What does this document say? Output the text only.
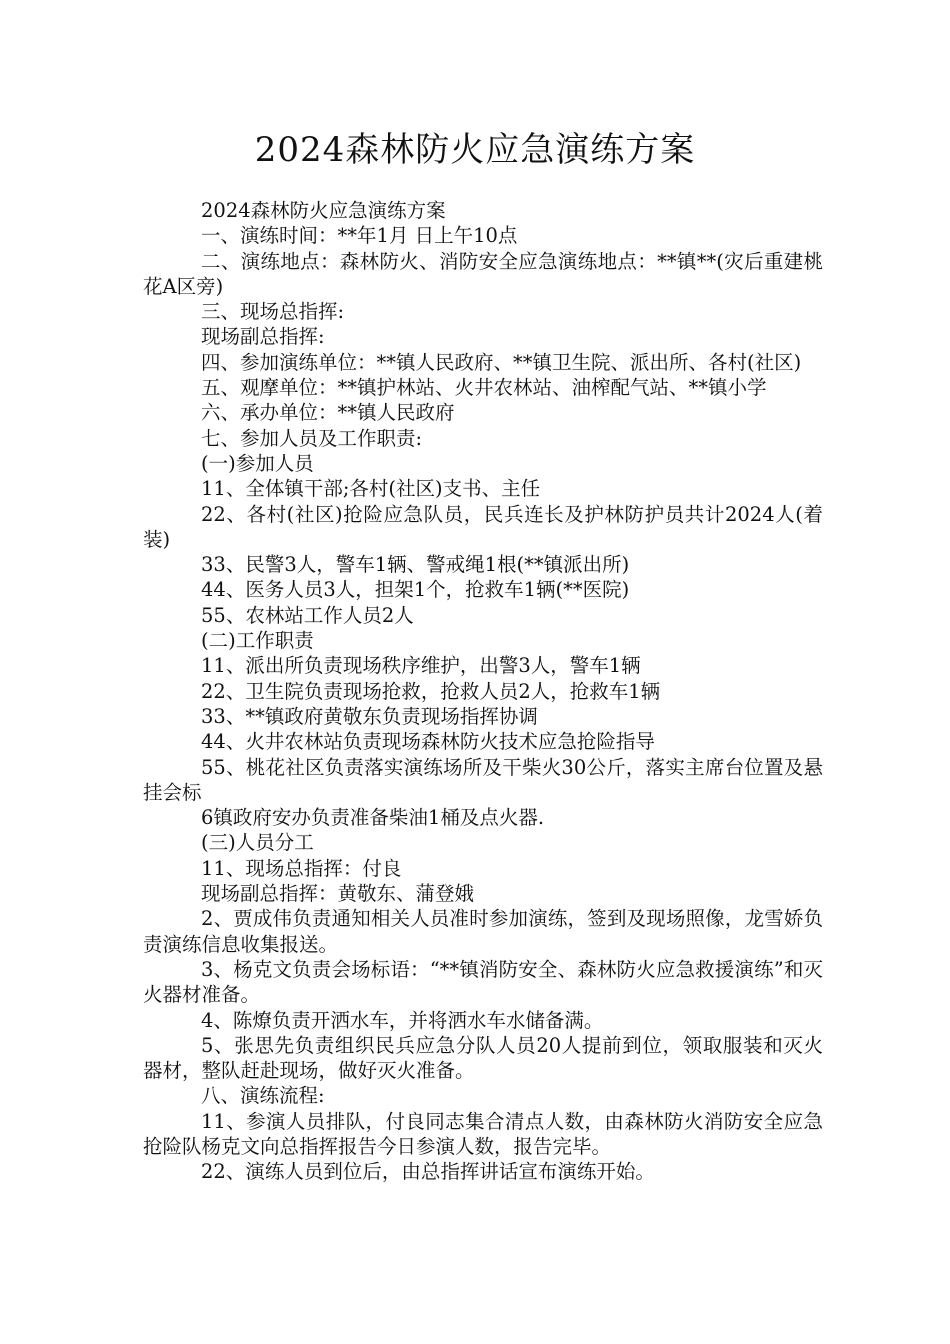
2024森林防火应急演练方案

2024森林防火应急演练方案

一、演练时间：**年1月 日上午10点

二、演练地点：森林防火、消防安全应急演练地点：**镇**(灾后重建桃花A区旁)

三、现场总指挥:

现场副总指挥:

四、参加演练单位：**镇人民政府、**镇卫生院、派出所、各村(社区)

五、观摩单位：**镇护林站、火井农林站、油榨配气站、**镇小学

六、承办单位：**镇人民政府

七、参加人员及工作职责:

(一)参加人员

11、全体镇干部;各村(社区)支书、主任

22、各村(社区)抢险应急队员，民兵连长及护林防护员共计2024人(着装)

33、民警3人，警车1辆、警戒绳1根(**镇派出所)

44、医务人员3人，担架1个，抢救车1辆(**医院)

55、农林站工作人员2人

(二)工作职责

11、派出所负责现场秩序维护，出警3人，警车1辆

22、卫生院负责现场抢救，抢救人员2人，抢救车1辆

33、**镇政府黄敬东负责现场指挥协调

44、火井农林站负责现场森林防火技术应急抢险指导

55、桃花社区负责落实演练场所及干柴火30公斤，落实主席台位置及悬挂会标

6镇政府安办负责准备柴油1桶及点火器.

(三)人员分工

11、现场总指挥：付良

现场副总指挥：黄敬东、蒲登娥

2、贾成伟负责通知相关人员准时参加演练，签到及现场照像，龙雪娇负责演练信息收集报送。

3、杨克文负责会场标语：“**镇消防安全、森林防火应急救援演练”和灭火器材准备。

4、陈燎负责开洒水车，并将洒水车水储备满。

5、张思先负责组织民兵应急分队人员20人提前到位，领取服装和灭火器材，整队赶赴现场，做好灭火准备。

八、演练流程:

11、参演人员排队，付良同志集合清点人数，由森林防火消防安全应急抢险队杨克文向总指挥报告今日参演人数，报告完毕。

22、演练人员到位后，由总指挥讲话宣布演练开始。
